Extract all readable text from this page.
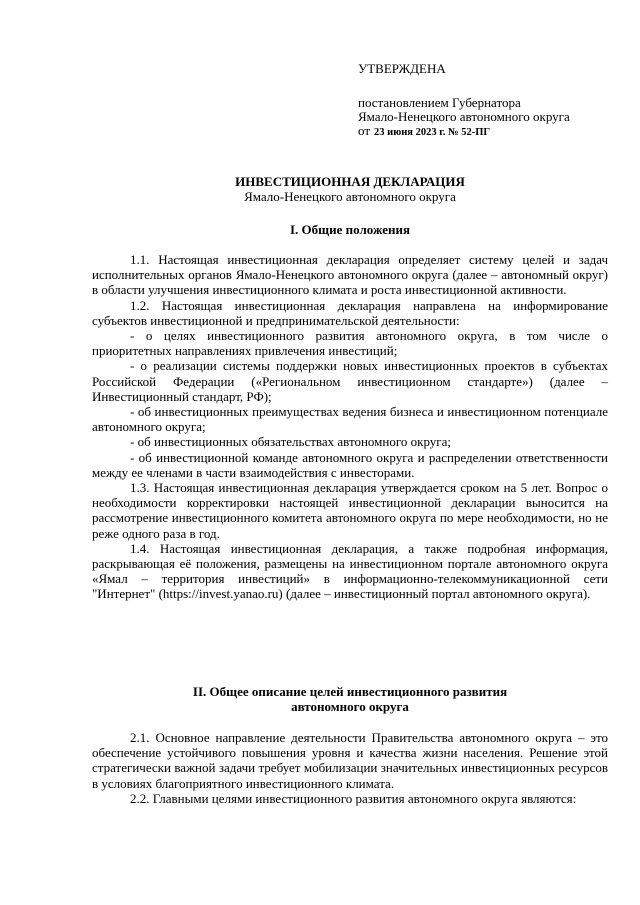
УТВЕРЖДЕНА
постановлением Губернатора
Ямало-Ненецкого автономного округа
от 23 июня 2023 г. № 52-ПГ
ИНВЕСТИЦИОННАЯ ДЕКЛАРАЦИЯ
Ямало-Ненецкого автономного округа
I. Общие положения

1.1. Настоящая инвестиционная декларация определяет систему целей и задач исполнительных органов Ямало-Ненецкого автономного округа (далее – автономный округ) в области улучшения инвестиционного климата и роста инвестиционной активности.

1.2. Настоящая инвестиционная декларация направлена на информирование субъектов инвестиционной и предпринимательской деятельности:

- о целях инвестиционного развития автономного округа, в том числе о приоритетных направлениях привлечения инвестиций;

- о реализации системы поддержки новых инвестиционных проектов в субъектах Российской Федерации («Региональном инвестиционном стандарте») (далее – Инвестиционный стандарт, РФ);

- об инвестиционных преимуществах ведения бизнеса и инвестиционном потенциале автономного округа;

- об инвестиционных обязательствах автономного округа;

- об инвестиционной команде автономного округа и распределении ответственности между ее членами в части взаимодействия с инвесторами.

1.3. Настоящая инвестиционная декларация утверждается сроком на 5 лет. Вопрос о необходимости корректировки настоящей инвестиционной декларации выносится на рассмотрение инвестиционного комитета автономного округа по мере необходимости, но не реже одного раза в год.

1.4. Настоящая инвестиционная декларация, а также подробная информация, раскрывающая её положения, размещены на инвестиционном портале автономного округа «Ямал – территория инвестиций» в информационно-телекоммуникационной сети "Интернет" (https://invest.yanao.ru) (далее – инвестиционный портал автономного округа).

II. Общее описание целей инвестиционного развития
автономного округа

2.1. Основное направление деятельности Правительства автономного округа – это обеспечение устойчивого повышения уровня и качества жизни населения. Решение этой стратегически важной задачи требует мобилизации значительных инвестиционных ресурсов в условиях благоприятного инвестиционного климата.

2.2. Главными целями инвестиционного развития автономного округа являются:
